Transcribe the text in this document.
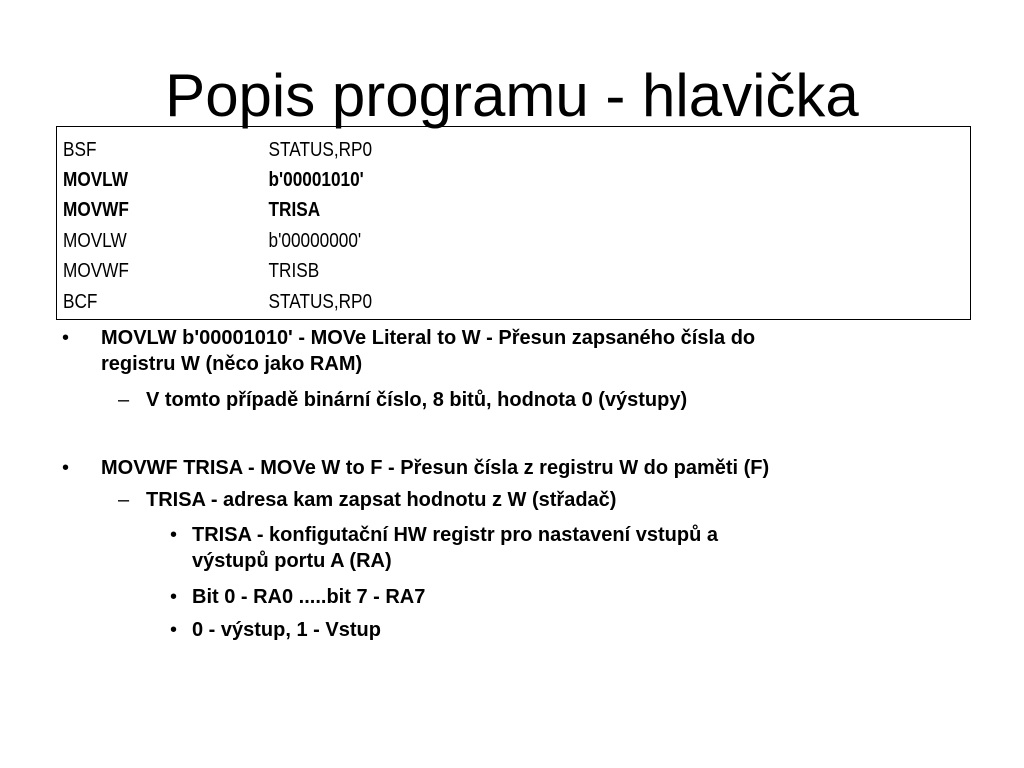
Popis programu - hlavička
BSF	STATUS,RP0
MOVLW	b'00001010'
MOVWF	TRISA
MOVLW	b'00000000'
MOVWF	TRISB
BCF	STATUS,RP0
• MOVLW b'00001010' - MOVe Literal to W - Přesun zapsaného čísla do
registru W (něco jako RAM)
– V tomto případě binární číslo, 8 bitů, hodnota 0 (výstupy)
• MOVWF TRISA - MOVe W to F - Přesun čísla z registru W do paměti (F)
– TRISA - adresa kam zapsat hodnotu z W (střadač)
• TRISA - konfigutační HW registr pro nastavení vstupů a
výstupů portu A (RA)
• Bit 0 - RA0 .....bit 7 - RA7
• 0 - výstup, 1 - Vstup
